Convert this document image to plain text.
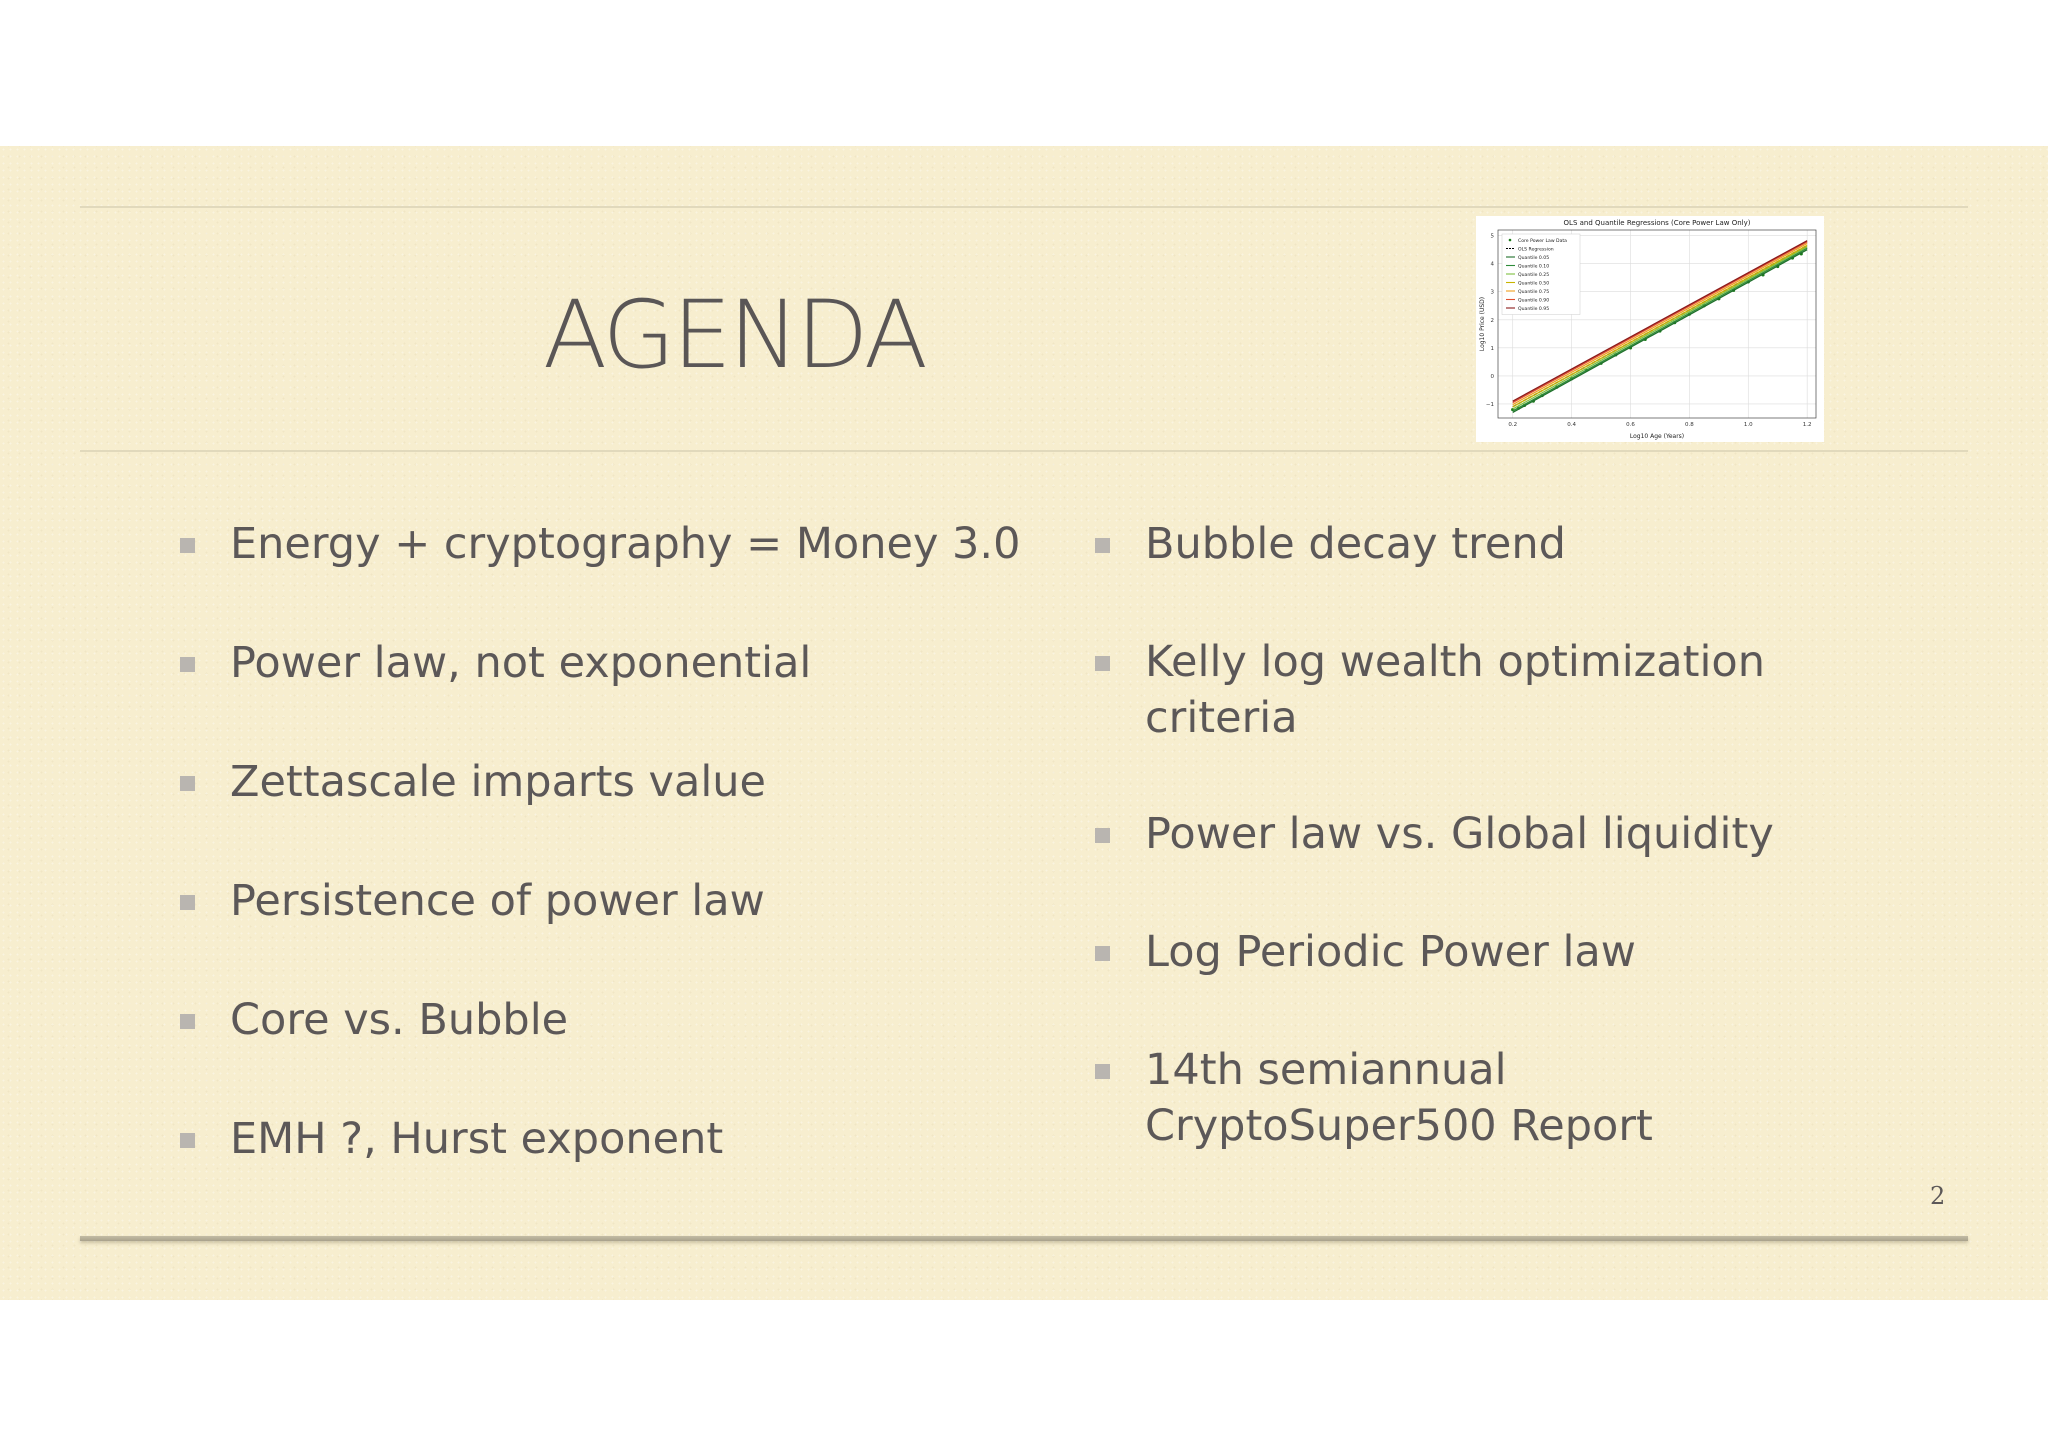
AGENDA
OLS and Quantile Regressions (Core Power Law Only)
0.2	0.4	0.6	0.8	1.0	1.2
−1
0
1
2
3
4
5
Log10 Age (Years)
Log10 Price (USD)
Core Power Law Data
OLS Regression
Quantile 0.05
Quantile 0.10
Quantile 0.25
Quantile 0.50
Quantile 0.75
Quantile 0.90
Quantile 0.95
Energy + cryptography = Money 3.0
Power law, not exponential
Zettascale imparts value
Persistence of power law
Core vs. Bubble
EMH ?, Hurst exponent
Bubble decay trend
Kelly log wealth optimization criteria
Power law vs. Global liquidity
Log Periodic Power law
14th semiannual CryptoSuper500 Report
2
